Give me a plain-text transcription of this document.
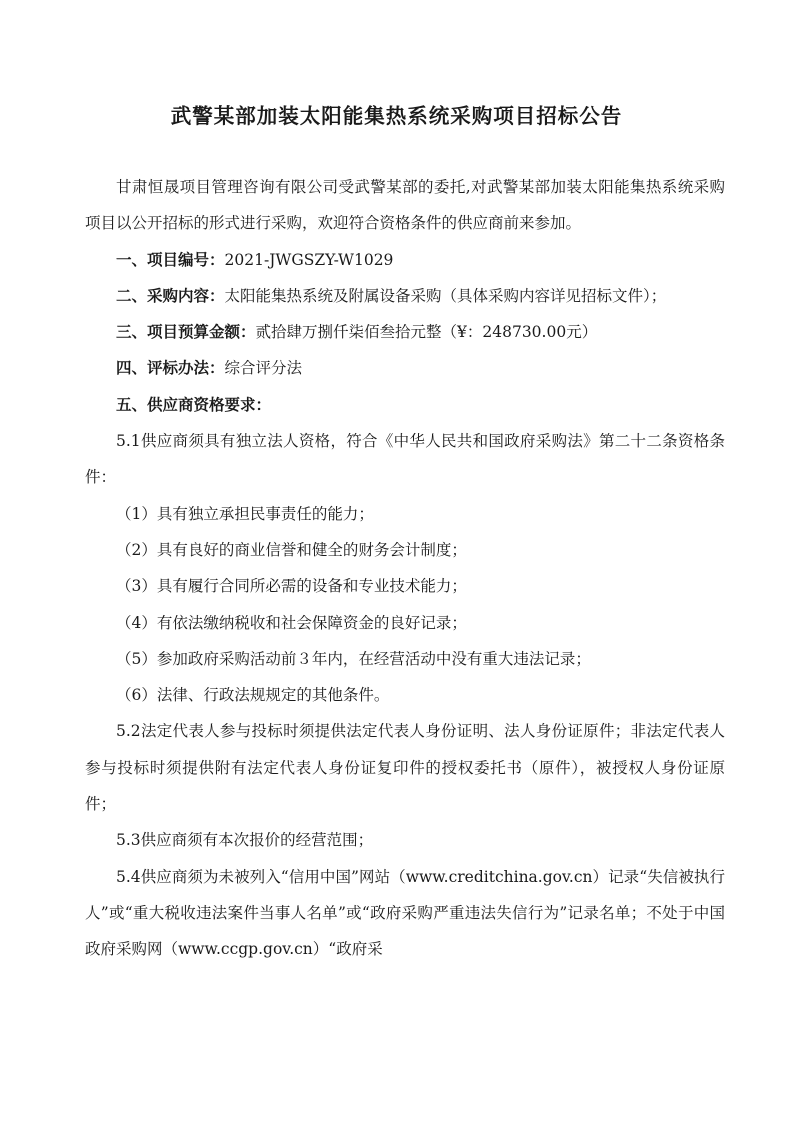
武警某部加装太阳能集热系统采购项目招标公告

甘肃恒晟项目管理咨询有限公司受武警某部的委托,对武警某部加装太阳能集热系统采购项目以公开招标的形式进行采购，欢迎符合资格条件的供应商前来参加。

一、项目编号：2021-JWGSZY-W1029

二、采购内容：太阳能集热系统及附属设备采购（具体采购内容详见招标文件）；

三、项目预算金额：贰拾肆万捌仟柒佰叁拾元整（¥：248730.00元）

四、评标办法：综合评分法

五、供应商资格要求：

5.1供应商须具有独立法人资格，符合《中华人民共和国政府采购法》第二十二条资格条件：

（1）具有独立承担民事责任的能力；

（2）具有良好的商业信誉和健全的财务会计制度；

（3）具有履行合同所必需的设备和专业技术能力；

（4）有依法缴纳税收和社会保障资金的良好记录；

（5）参加政府采购活动前３年内，在经营活动中没有重大违法记录；

（6）法律、行政法规规定的其他条件。

5.2法定代表人参与投标时须提供法定代表人身份证明、法人身份证原件；非法定代表人参与投标时须提供附有法定代表人身份证复印件的授权委托书（原件），被授权人身份证原件；

5.3供应商须有本次报价的经营范围；

5.4供应商须为未被列入“信用中国”网站（www.creditchina.gov.cn）记录“失信被执行人”或“重大税收违法案件当事人名单”或“政府采购严重违法失信行为”记录名单；不处于中国政府采购网（www.ccgp.gov.cn）“政府采
